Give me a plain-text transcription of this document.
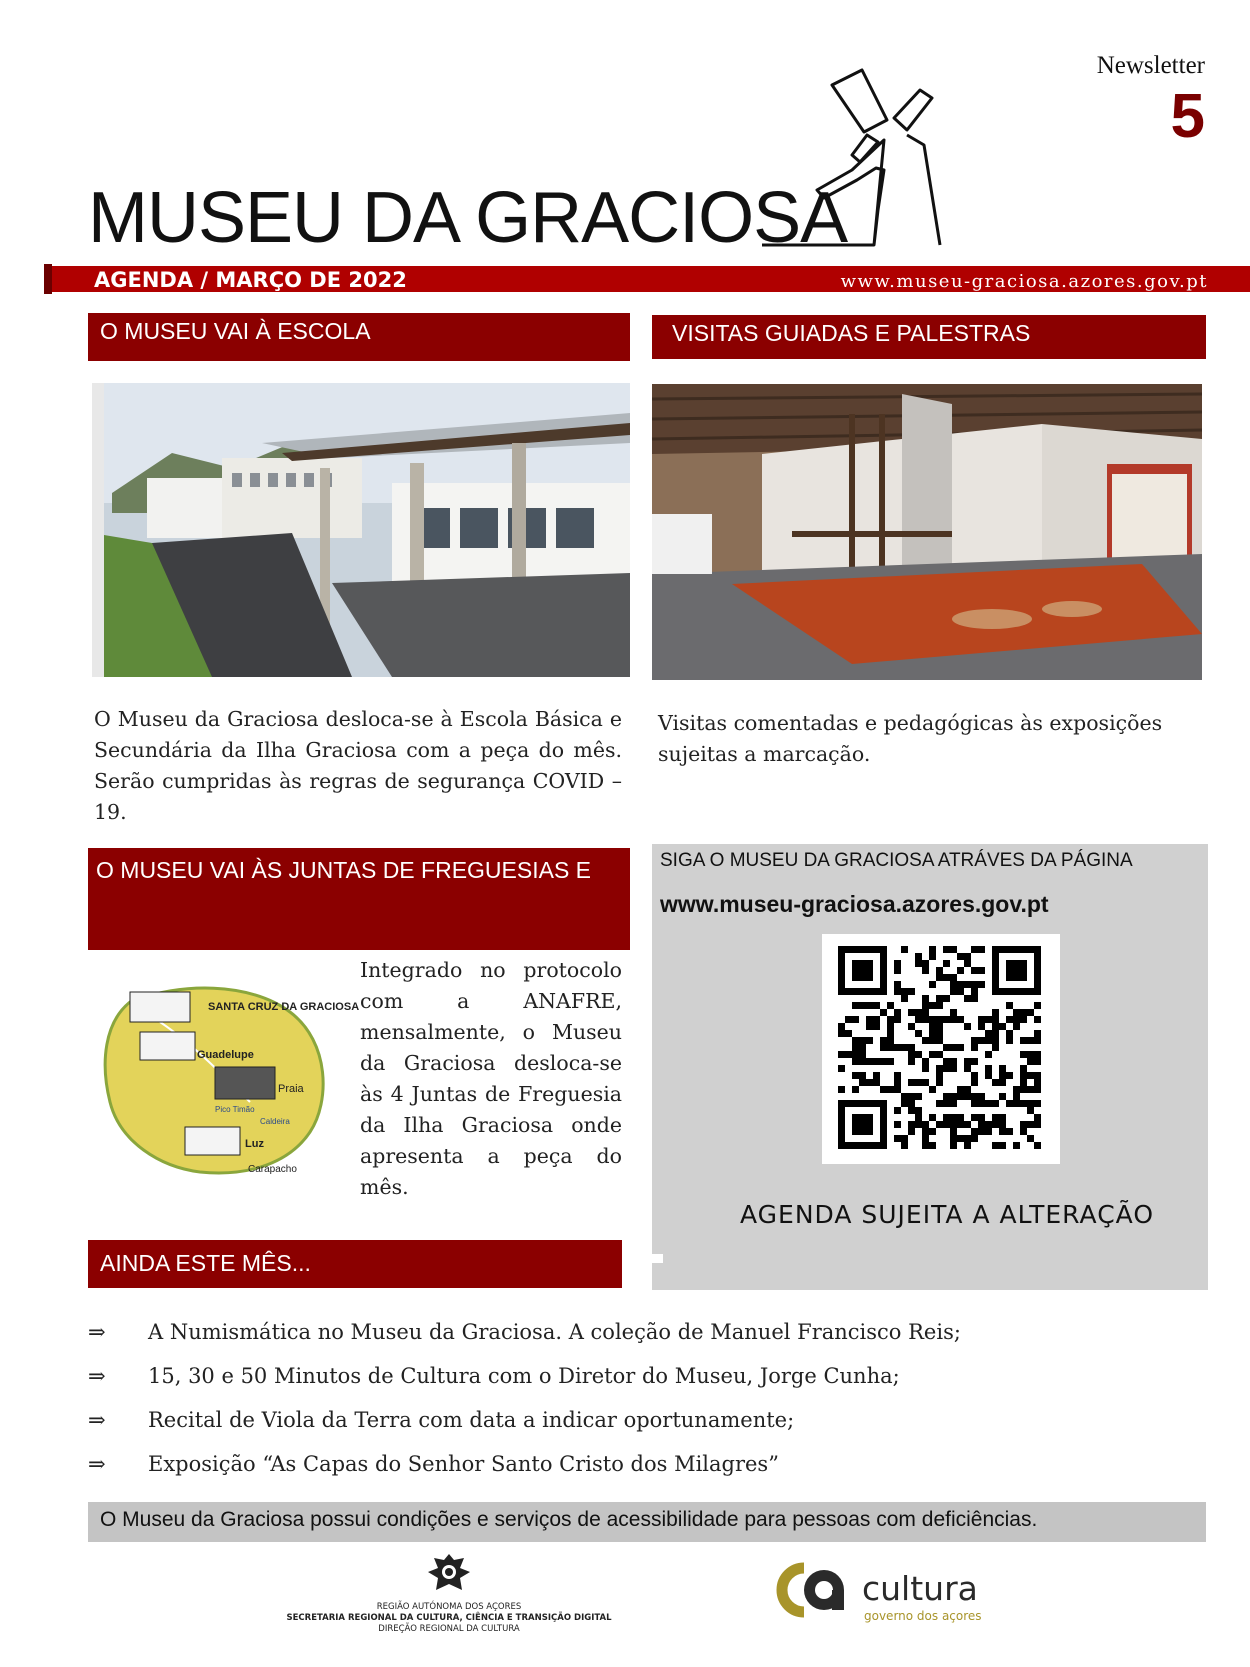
Newsletter
5
MUSEU DA GRACIOSA
AGENDA / MARÇO DE 2022	www.museu-graciosa.azores.gov.pt
O MUSEU VAI À ESCOLA
O Museu da Graciosa desloca-se à Escola Básica e Secundária da Ilha Graciosa com a peça do mês. Serão cumpridas às regras de segurança COVID –19.
VISITAS GUIADAS E PALESTRAS
Visitas comentadas e pedagógicas às exposições sujeitas a marcação.
O MUSEU VAI ÀS JUNTAS DE FREGUESIAS E
SANTA CRUZ DA GRACIOSA
Guadelupe
Praia
Pico Timão
Caldeira
Luz
Carapacho
Integrado no protocolo com a ANAFRE, mensalmente, o Museu da Graciosa desloca-se às 4 Juntas de Freguesia da Ilha Graciosa onde apresenta a peça do mês.
SIGA O MUSEU DA GRACIOSA ATRÁVES DA PÁGINA
www.museu-graciosa.azores.gov.pt
AGENDA SUJEITA A ALTERAÇÃO
AINDA ESTE MÊS...
⇒ A Numismática no Museu da Graciosa. A coleção de Manuel Francisco Reis;
⇒ 15, 30 e 50 Minutos de Cultura com o Diretor do Museu, Jorge Cunha;
⇒ Recital de Viola da Terra com data a indicar oportunamente;
⇒ Exposição “As Capas do Senhor Santo Cristo dos Milagres”
O Museu da Graciosa possui condições e serviços de acessibilidade para pessoas com deficiências.
REGIÃO AUTÓNOMA DOS AÇORES
SECRETARIA REGIONAL DA CULTURA, CIÊNCIA E TRANSIÇÃO DIGITAL
DIREÇÃO REGIONAL DA CULTURA
cultura
governo dos açores
